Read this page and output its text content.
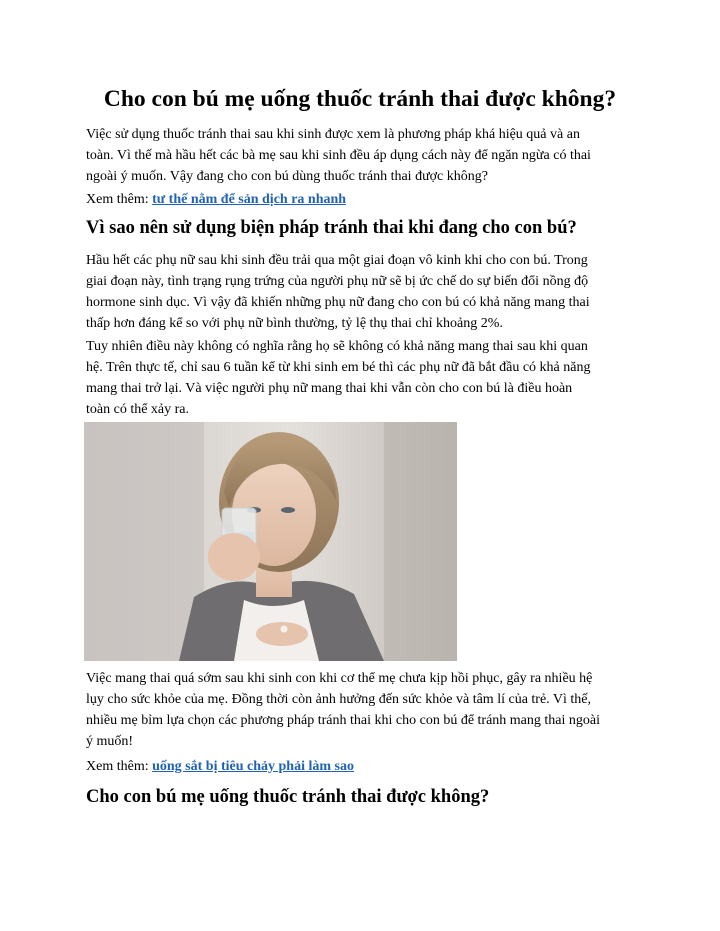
Cho con bú mẹ uống thuốc tránh thai được không?

Việc sử dụng thuốc tránh thai sau khi sinh được xem là phương pháp khá hiệu quả và an
toàn. Vì thế mà hầu hết các bà mẹ sau khi sinh đều áp dụng cách này để ngăn ngừa có thai
ngoài ý muốn. Vậy đang cho con bú dùng thuốc tránh thai được không?

Xem thêm: tư thế nằm để sản dịch ra nhanh

Vì sao nên sử dụng biện pháp tránh thai khi đang cho con bú?

Hầu hết các phụ nữ sau khi sinh đều trải qua một giai đoạn vô kinh khi cho con bú. Trong
giai đoạn này, tình trạng rụng trứng của người phụ nữ sẽ bị ức chế do sự biến đổi nồng độ
hormone sinh dục. Vì vậy đã khiến những phụ nữ đang cho con bú có khả năng mang thai
thấp hơn đáng kể so với phụ nữ bình thường, tỷ lệ thụ thai chỉ khoảng 2%.

Tuy nhiên điều này không có nghĩa rằng họ sẽ không có khả năng mang thai sau khi quan
hệ. Trên thực tế, chỉ sau 6 tuần kể từ khi sinh em bé thì các phụ nữ đã bắt đầu có khả năng
mang thai trở lại. Và việc người phụ nữ mang thai khi vẫn còn cho con bú là điều hoàn
toàn có thể xảy ra.

Việc mang thai quá sớm sau khi sinh con khi cơ thể mẹ chưa kịp hồi phục, gây ra nhiều hệ
lụy cho sức khỏe của mẹ. Đồng thời còn ảnh hưởng đến sức khỏe và tâm lí của trẻ. Vì thế,
nhiều mẹ bỉm lựa chọn các phương pháp tránh thai khi cho con bú để tránh mang thai ngoài
ý muốn!

Xem thêm: uống sắt bị tiêu chảy phải làm sao

Cho con bú mẹ uống thuốc tránh thai được không?
